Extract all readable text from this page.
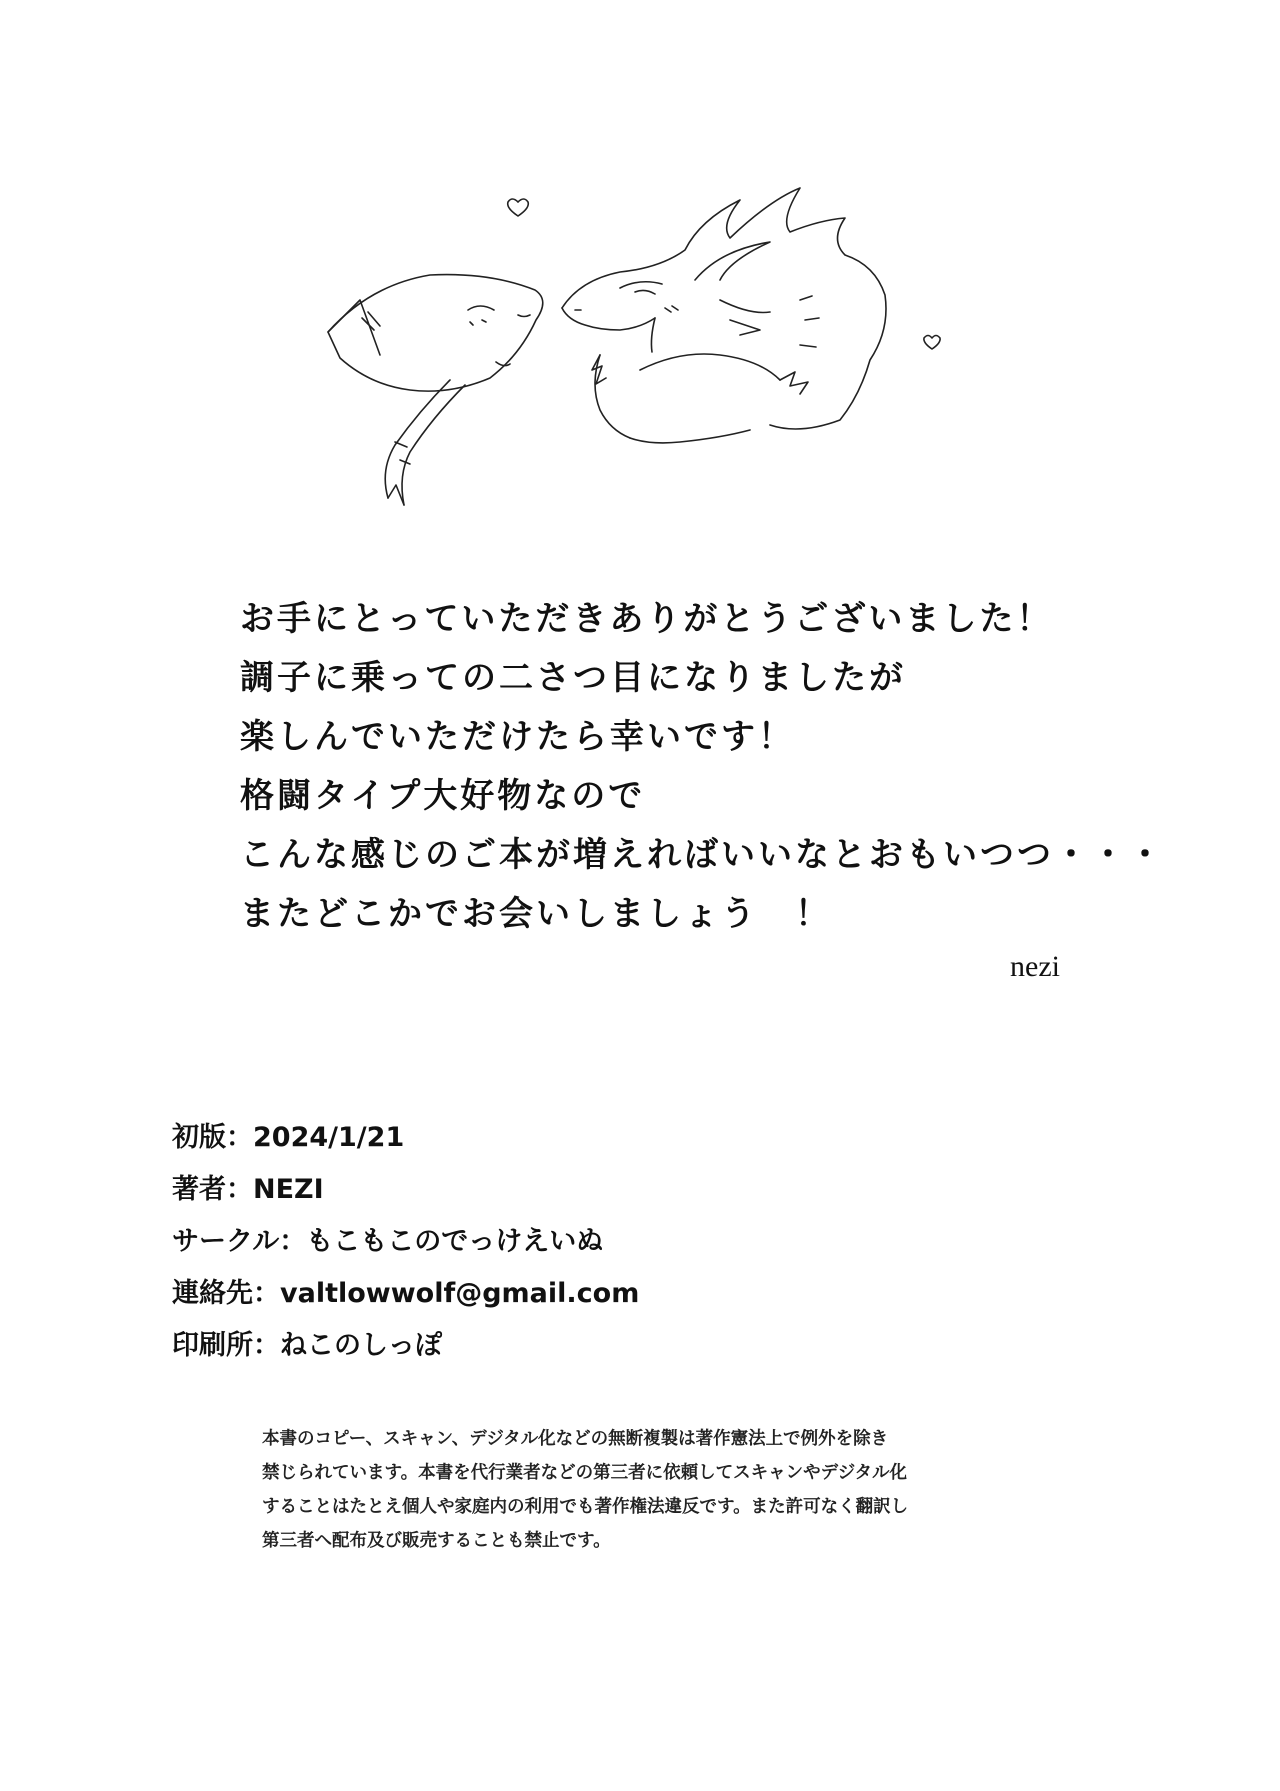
お手にとっていただきありがとうございました！
調子に乗っての二さつ目になりましたが
楽しんでいただけたら幸いです！
格闘タイプ大好物なので
こんな感じのご本が増えればいいなとおもいつつ・・・
またどこかでお会いしましょう　！
nezi
初版：2024/1/21
著者：NEZI
サークル：もこもこのでっけえいぬ
連絡先：valtlowwolf@gmail.com
印刷所：ねこのしっぽ
本書のコピー、スキャン、デジタル化などの無断複製は著作憲法上で例外を除き
禁じられています。本書を代行業者などの第三者に依頼してスキャンやデジタル化
することはたとえ個人や家庭内の利用でも著作権法違反です。また許可なく翻訳し
第三者へ配布及び販売することも禁止です。
